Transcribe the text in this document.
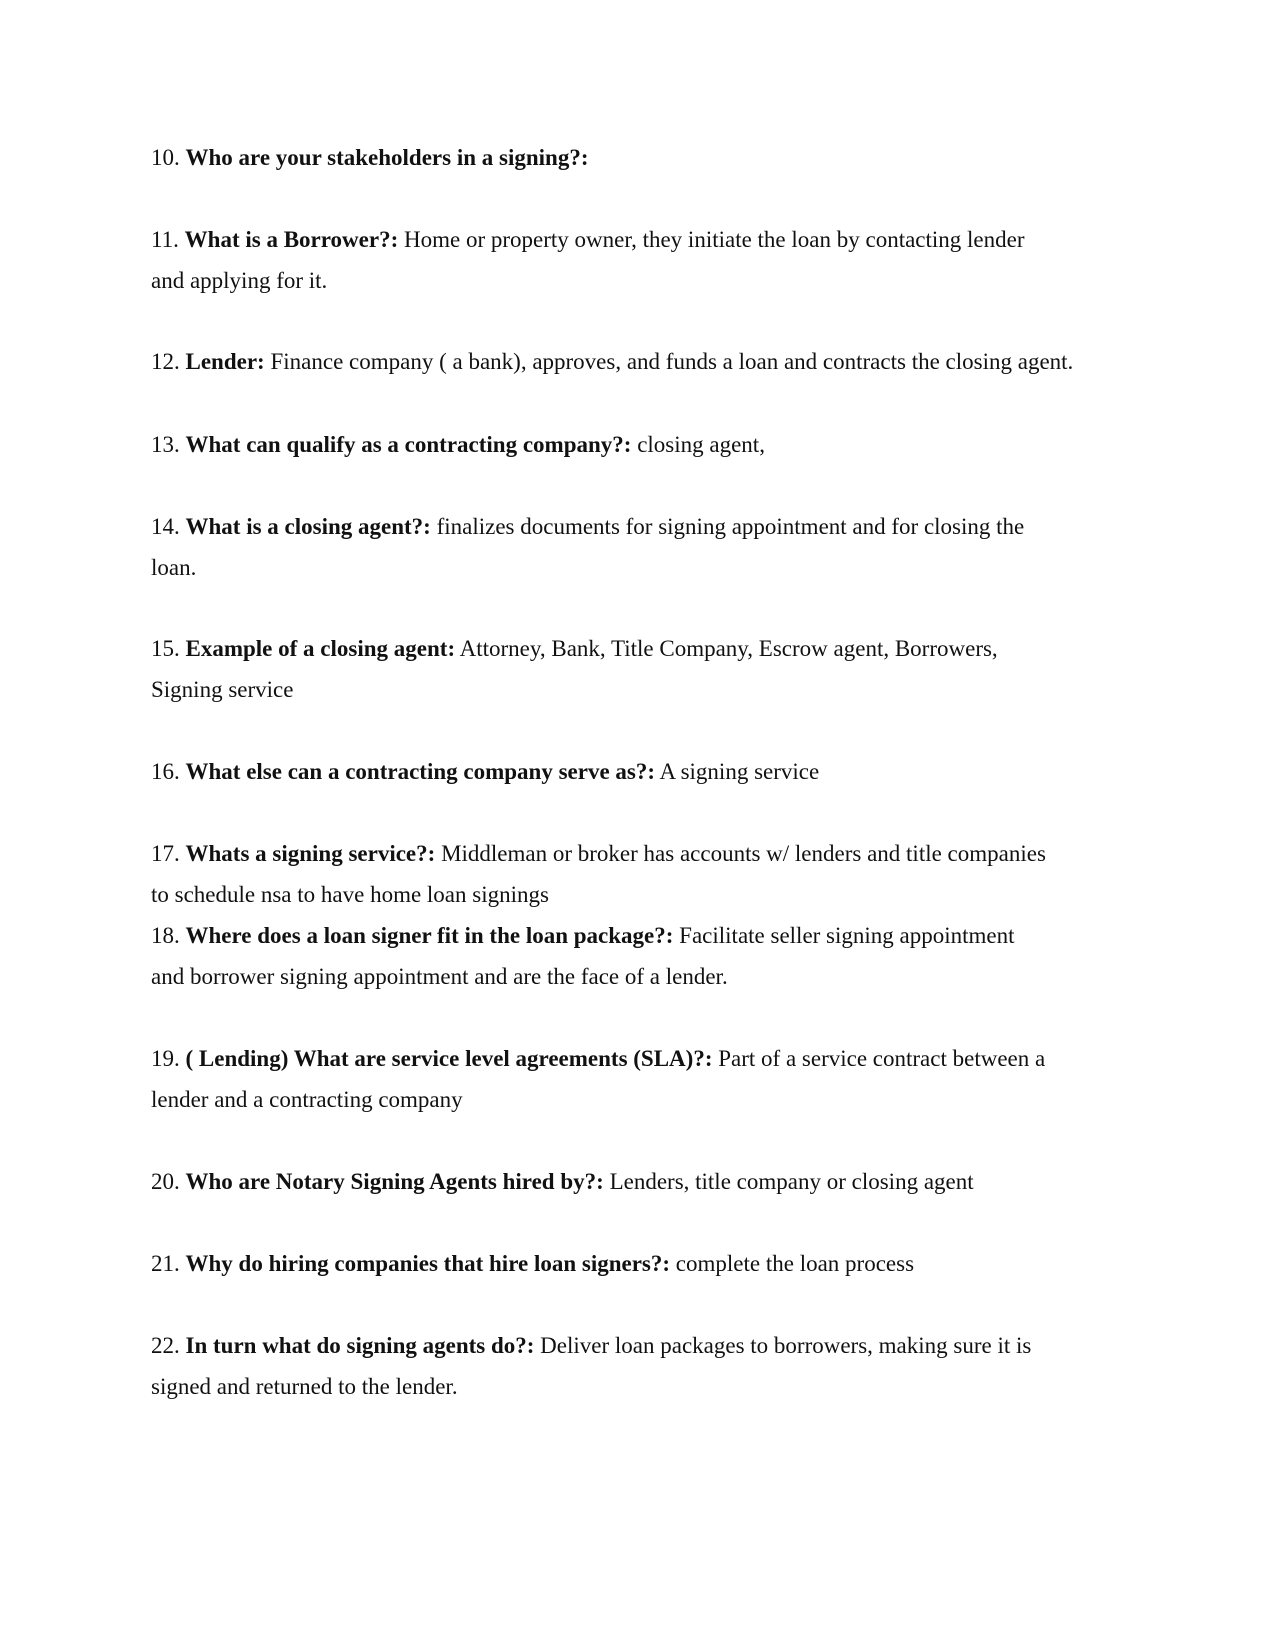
10. Who are your stakeholders in a signing?:
11. What is a Borrower?: Home or property owner, they initiate the loan by contacting lender
and applying for it.
12. Lender: Finance company ( a bank), approves, and funds a loan and contracts the closing agent.
13. What can qualify as a contracting company?: closing agent,
14. What is a closing agent?: finalizes documents for signing appointment and for closing the
loan.
15. Example of a closing agent: Attorney, Bank, Title Company, Escrow agent, Borrowers,
Signing service
16. What else can a contracting company serve as?: A signing service
17. Whats a signing service?: Middleman or broker has accounts w/ lenders and title companies
to schedule nsa to have home loan signings
18. Where does a loan signer fit in the loan package?: Facilitate seller signing appointment
and borrower signing appointment and are the face of a lender.
19. ( Lending) What are service level agreements (SLA)?: Part of a service contract between a
lender and a contracting company
20. Who are Notary Signing Agents hired by?: Lenders, title company or closing agent
21. Why do hiring companies that hire loan signers?: complete the loan process
22. In turn what do signing agents do?: Deliver loan packages to borrowers, making sure it is
signed and returned to the lender.
